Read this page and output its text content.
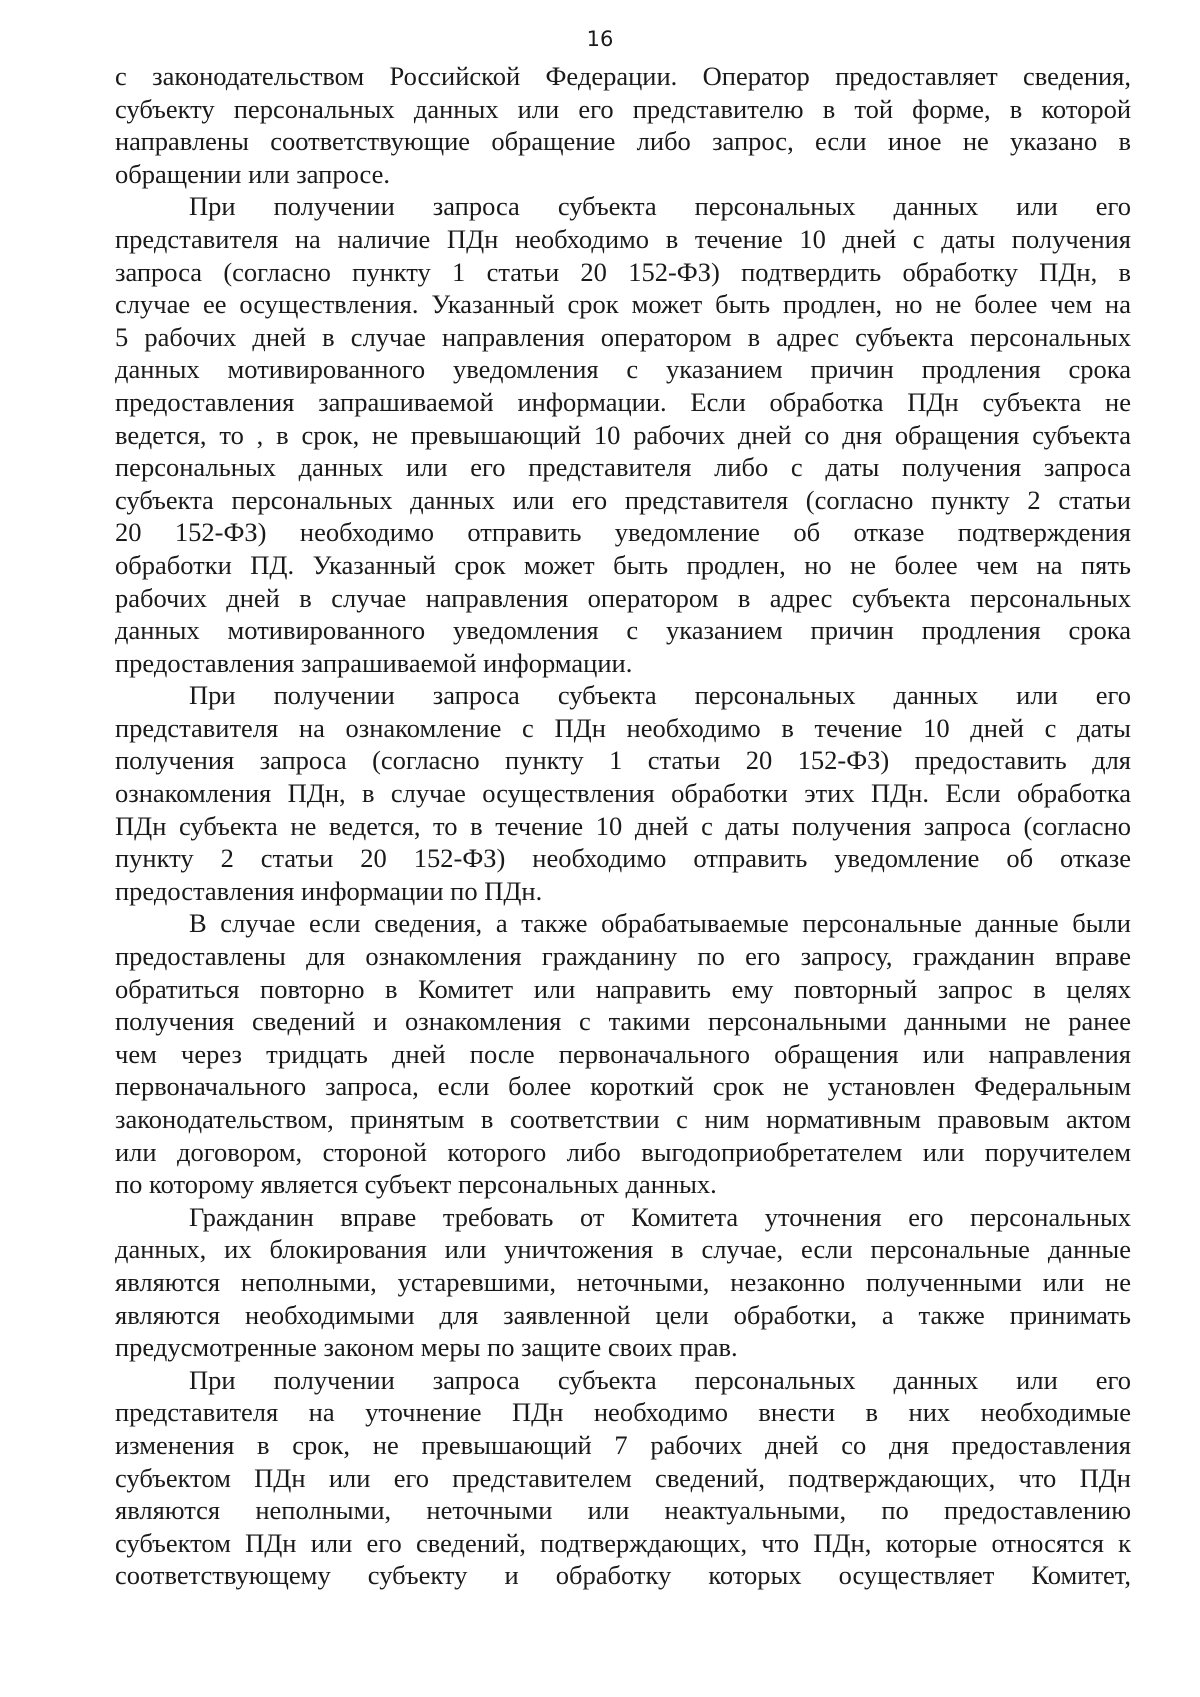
16
с законодательством Российской Федерации. Оператор предоставляет сведения,
субъекту персональных данных или его представителю в той форме, в которой
направлены соответствующие обращение либо запрос, если иное не указано в
обращении или запросе.
При получении запроса субъекта персональных данных или его
представителя на наличие ПДн необходимо в течение 10 дней с даты получения
запроса (согласно пункту 1 статьи 20 152-ФЗ) подтвердить обработку ПДн, в
случае ее осуществления. Указанный срок может быть продлен, но не более чем на
5 рабочих дней в случае направления оператором в адрес субъекта персональных
данных мотивированного уведомления с указанием причин продления срока
предоставления запрашиваемой информации. Если обработка ПДн субъекта не
ведется, то , в срок, не превышающий 10 рабочих дней со дня обращения субъекта
персональных данных или его представителя либо с даты получения запроса
субъекта персональных данных или его представителя (согласно пункту 2 статьи
20 152-ФЗ) необходимо отправить уведомление об отказе подтверждения
обработки ПД. Указанный срок может быть продлен, но не более чем на пять
рабочих дней в случае направления оператором в адрес субъекта персональных
данных мотивированного уведомления с указанием причин продления срока
предоставления запрашиваемой информации.
При получении запроса субъекта персональных данных или его
представителя на ознакомление с ПДн необходимо в течение 10 дней с даты
получения запроса (согласно пункту 1 статьи 20 152-ФЗ) предоставить для
ознакомления ПДн, в случае осуществления обработки этих ПДн. Если обработка
ПДн субъекта не ведется, то в течение 10 дней с даты получения запроса (согласно
пункту 2 статьи 20 152-ФЗ) необходимо отправить уведомление об отказе
предоставления информации по ПДн.
В случае если сведения, а также обрабатываемые персональные данные были
предоставлены для ознакомления гражданину по его запросу, гражданин вправе
обратиться повторно в Комитет или направить ему повторный запрос в целях
получения сведений и ознакомления с такими персональными данными не ранее
чем через тридцать дней после первоначального обращения или направления
первоначального запроса, если более короткий срок не установлен Федеральным
законодательством, принятым в соответствии с ним нормативным правовым актом
или договором, стороной которого либо выгодоприобретателем или поручителем
по которому является субъект персональных данных.
Гражданин вправе требовать от Комитета уточнения его персональных
данных, их блокирования или уничтожения в случае, если персональные данные
являются неполными, устаревшими, неточными, незаконно полученными или не
являются необходимыми для заявленной цели обработки, а также принимать
предусмотренные законом меры по защите своих прав.
При получении запроса субъекта персональных данных или его
представителя на уточнение ПДн необходимо внести в них необходимые
изменения в срок, не превышающий 7 рабочих дней со дня предоставления
субъектом ПДн или его представителем сведений, подтверждающих, что ПДн
являются неполными, неточными или неактуальными, по предоставлению
субъектом ПДн или его сведений, подтверждающих, что ПДн, которые относятся к
соответствующему субъекту и обработку которых осуществляет Комитет,
